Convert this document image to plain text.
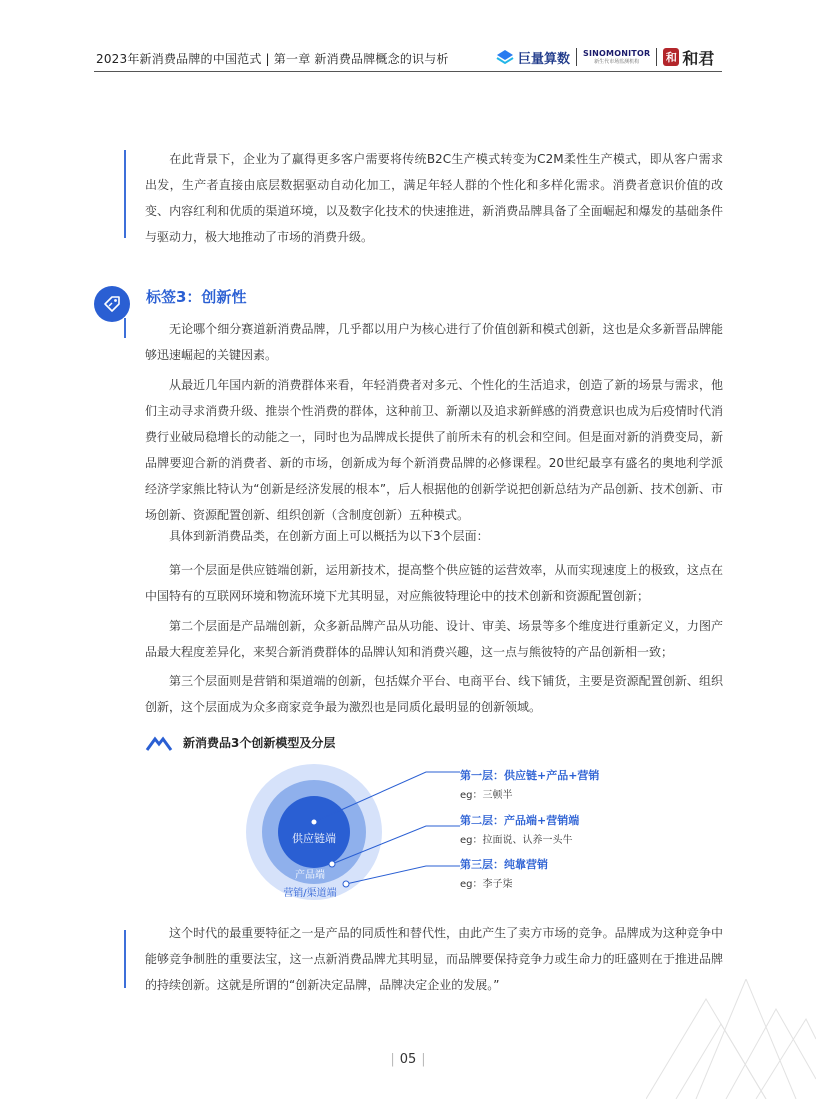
2023年新消费品牌的中国范式 | 第一章 新消费品牌概念的识与析	巨量算数 SINOMONITOR
新生代市场监测机构 和 和君

在此背景下，企业为了赢得更多客户需要将传统B2C生产模式转变为C2M柔性生产模式，即从客户需求出发，生产者直接由底层数据驱动自动化加工，满足年轻人群的个性化和多样化需求。消费者意识价值的改变、内容红利和优质的渠道环境，以及数字化技术的快速推进，新消费品牌具备了全面崛起和爆发的基础条件与驱动力，极大地推动了市场的消费升级。

标签3：创新性

无论哪个细分赛道新消费品牌，几乎都以用户为核心进行了价值创新和模式创新，这也是众多新晋品牌能够迅速崛起的关键因素。

从最近几年国内新的消费群体来看，年轻消费者对多元、个性化的生活追求，创造了新的场景与需求，他们主动寻求消费升级、推崇个性消费的群体，这种前卫、新潮以及追求新鲜感的消费意识也成为后疫情时代消费行业破局稳增长的动能之一，同时也为品牌成长提供了前所未有的机会和空间。但是面对新的消费变局，新品牌要迎合新的消费者、新的市场，创新成为每个新消费品牌的必修课程。20世纪最享有盛名的奥地利学派经济学家熊比特认为“创新是经济发展的根本”，后人根据他的创新学说把创新总结为产品创新、技术创新、市场创新、资源配置创新、组织创新（含制度创新）五种模式。

具体到新消费品类，在创新方面上可以概括为以下3个层面：

第一个层面是供应链端创新，运用新技术，提高整个供应链的运营效率，从而实现速度上的极致，这点在中国特有的互联网环境和物流环境下尤其明显，对应熊彼特理论中的技术创新和资源配置创新；

第二个层面是产品端创新，众多新品牌产品从功能、设计、审美、场景等多个维度进行重新定义，力图产品最大程度差异化，来契合新消费群体的品牌认知和消费兴趣，这一点与熊彼特的产品创新相一致；

第三个层面则是营销和渠道端的创新，包括媒介平台、电商平台、线下铺货，主要是资源配置创新、组织创新，这个层面成为众多商家竞争最为激烈也是同质化最明显的创新领域。

新消费品3个创新模型及分层
供应链端
产品端
营销/渠道端
第一层：供应链+产品+营销
eg：三顿半
第二层：产品端+营销端
eg：拉面说、认养一头牛
第三层：纯靠营销
eg：李子柒

这个时代的最重要特征之一是产品的同质性和替代性，由此产生了卖方市场的竞争。品牌成为这种竞争中能够竞争制胜的重要法宝，这一点新消费品牌尤其明显，而品牌要保持竞争力或生命力的旺盛则在于推进品牌的持续创新。这就是所谓的“创新决定品牌，品牌决定企业的发展。”

| 05 |
